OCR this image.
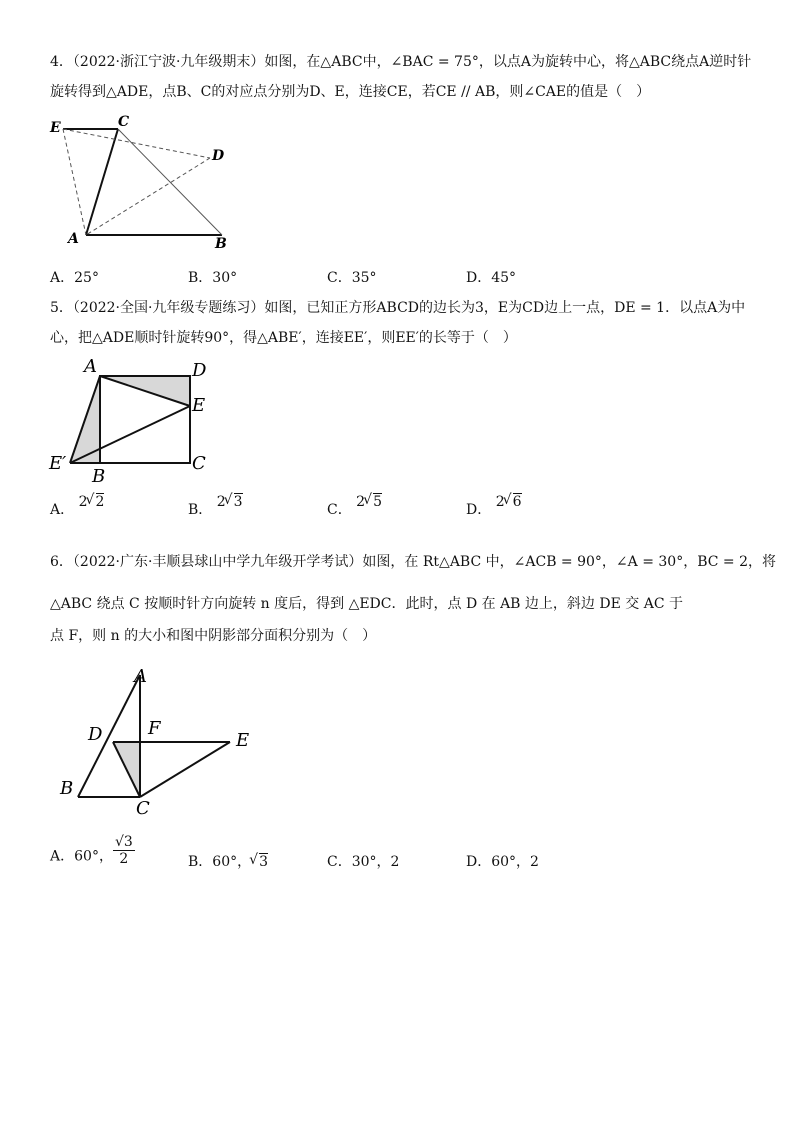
4．（2022·浙江宁波·九年级期末）如图，在△ABC中，∠BAC = 75°，以点A为旋转中心，将△ABC绕点A逆时针
旋转得到△ADE，点B、C的对应点分别为D、E，连接CE，若CE // AB，则∠CAE的值是（　）
E	C
D
A	B
A．25°	B．30°	C．35°	D．45°
5．（2022·全国·九年级专题练习）如图，已知正方形ABCD的边长为3，E为CD边上一点，DE = 1．以点A为中
心，把△ADE顺时针旋转90°，得△ABE′，连接EE′，则EE′的长等于（　）
A	D
E
E′
B
C
A． 2 √ 2	B． 2 √ 3	C． 2 √ 5	D． 2 √ 6
6．（2022·广东·丰顺县球山中学九年级开学考试）如图，在 Rt△ABC 中，∠ACB = 90°，∠A = 30°，BC = 2，将
△ABC 绕点 C 按顺时针方向旋转 n 度后，得到 △EDC．此时，点 D 在 AB 边上，斜边 DE 交 AC 于
点 F，则 n 的大小和图中阴影部分面积分别为（　）
A
D	F
E
B
C
A．60°， $\frac{√3}{2}$	B．60°， √ 3	C．30°，2	D．60°，2
